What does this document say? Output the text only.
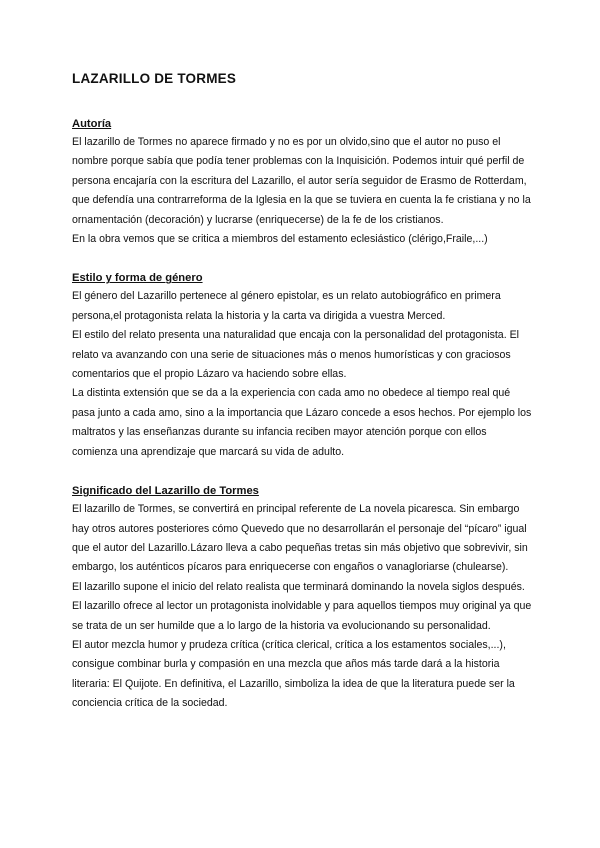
LAZARILLO DE TORMES
Autoría

El lazarillo de Tormes no aparece firmado y no es por un olvido,sino que el autor no puso el nombre porque sabía que podía tener problemas con la Inquisición. Podemos intuir qué perfil de persona encajaría con la escritura del Lazarillo, el autor sería seguidor de Erasmo de Rotterdam, que defendía una contrarreforma de la Iglesia en la que se tuviera en cuenta la fe cristiana y no la ornamentación (decoración) y lucrarse (enriquecerse) de la fe de los cristianos.

En la obra vemos que se critica a miembros del estamento eclesiástico (clérigo,Fraile,...)

Estilo y forma de género

El género del Lazarillo pertenece al género epistolar, es un relato autobiográfico en primera persona,el protagonista relata la historia y la carta va dirigida a vuestra Merced.

El estilo del relato presenta una naturalidad que encaja con la personalidad del protagonista. El relato va avanzando con una serie de situaciones más o menos humorísticas y con graciosos comentarios que el propio Lázaro va haciendo sobre ellas.

La distinta extensión que se da a la experiencia con cada amo no obedece al tiempo real qué pasa junto a cada amo, sino a la importancia que Lázaro concede a esos hechos. Por ejemplo los maltratos y las enseñanzas durante su infancia reciben mayor atención porque con ellos comienza una aprendizaje que marcará su vida de adulto.

Significado del Lazarillo de Tormes

El lazarillo de Tormes, se convertirá en principal referente de La novela picaresca. Sin embargo hay otros autores posteriores cómo Quevedo que no desarrollarán el personaje del “pícaro” igual que el autor del Lazarillo.Lázaro lleva a cabo pequeñas tretas sin más objetivo que sobrevivir, sin embargo, los auténticos pícaros para enriquecerse con engaños o vanagloriarse (chulearse).

El lazarillo supone el inicio del relato realista que terminará dominando la novela siglos después. El lazarillo ofrece al lector un protagonista inolvidable y para aquellos tiempos muy original ya que se trata de un ser humilde que a lo largo de la historia va evolucionando su personalidad.

El autor mezcla humor y prudeza crítica (crítica clerical, crítica a los estamentos sociales,...), consigue combinar burla y compasión en una mezcla que años más tarde dará a la historia literaria: El Quijote. En definitiva, el Lazarillo, simboliza la idea de que la literatura puede ser la conciencia crítica de la sociedad.
